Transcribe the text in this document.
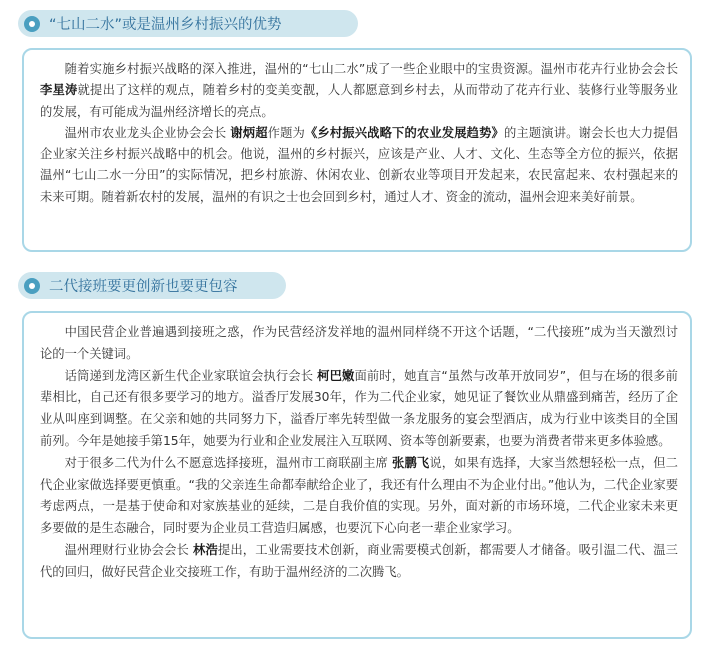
“七山二水”或是温州乡村振兴的优势

随着实施乡村振兴战略的深入推进，温州的“七山二水”成了一些企业眼中的宝贵资源。温州市花卉行业协会会长 李星涛就提出了这样的观点，随着乡村的变美变靓，人人都愿意到乡村去，从而带动了花卉行业、装修行业等服务业的发展，有可能成为温州经济增长的亮点。

温州市农业龙头企业协会会长 谢炳超作题为《乡村振兴战略下的农业发展趋势》的主题演讲。谢会长也大力提倡企业家关注乡村振兴战略中的机会。他说，温州的乡村振兴，应该是产业、人才、文化、生态等全方位的振兴，依据温州“七山二水一分田”的实际情况，把乡村旅游、休闲农业、创新农业等项目开发起来，农民富起来、农村强起来的未来可期。随着新农村的发展，温州的有识之士也会回到乡村，通过人才、资金的流动，温州会迎来美好前景。

二代接班要更创新也要更包容

中国民营企业普遍遇到接班之惑，作为民营经济发祥地的温州同样绕不开这个话题，“二代接班”成为当天激烈讨论的一个关键词。

话筒递到龙湾区新生代企业家联谊会执行会长 柯巴嫩面前时，她直言“虽然与改革开放同岁”，但与在场的很多前辈相比，自己还有很多要学习的地方。溢香厅发展30年，作为二代企业家，她见证了餐饮业从鼎盛到痛苦，经历了企业从叫座到调整。在父亲和她的共同努力下，溢香厅率先转型做一条龙服务的宴会型酒店，成为行业中该类目的全国前列。今年是她接手第15年，她要为行业和企业发展注入互联网、资本等创新要素，也要为消费者带来更多体验感。

对于很多二代为什么不愿意选择接班，温州市工商联副主席 张鹏飞说，如果有选择，大家当然想轻松一点，但二代企业家做选择要更慎重。“我的父亲连生命都奉献给企业了，我还有什么理由不为企业付出。”他认为，二代企业家要考虑两点，一是基于使命和对家族基业的延续，二是自我价值的实现。另外，面对新的市场环境，二代企业家未来更多要做的是生态融合，同时要为企业员工营造归属感，也要沉下心向老一辈企业家学习。

温州理财行业协会会长 林浩提出，工业需要技术创新，商业需要模式创新，都需要人才储备。吸引温二代、温三代的回归，做好民营企业交接班工作，有助于温州经济的二次腾飞。
